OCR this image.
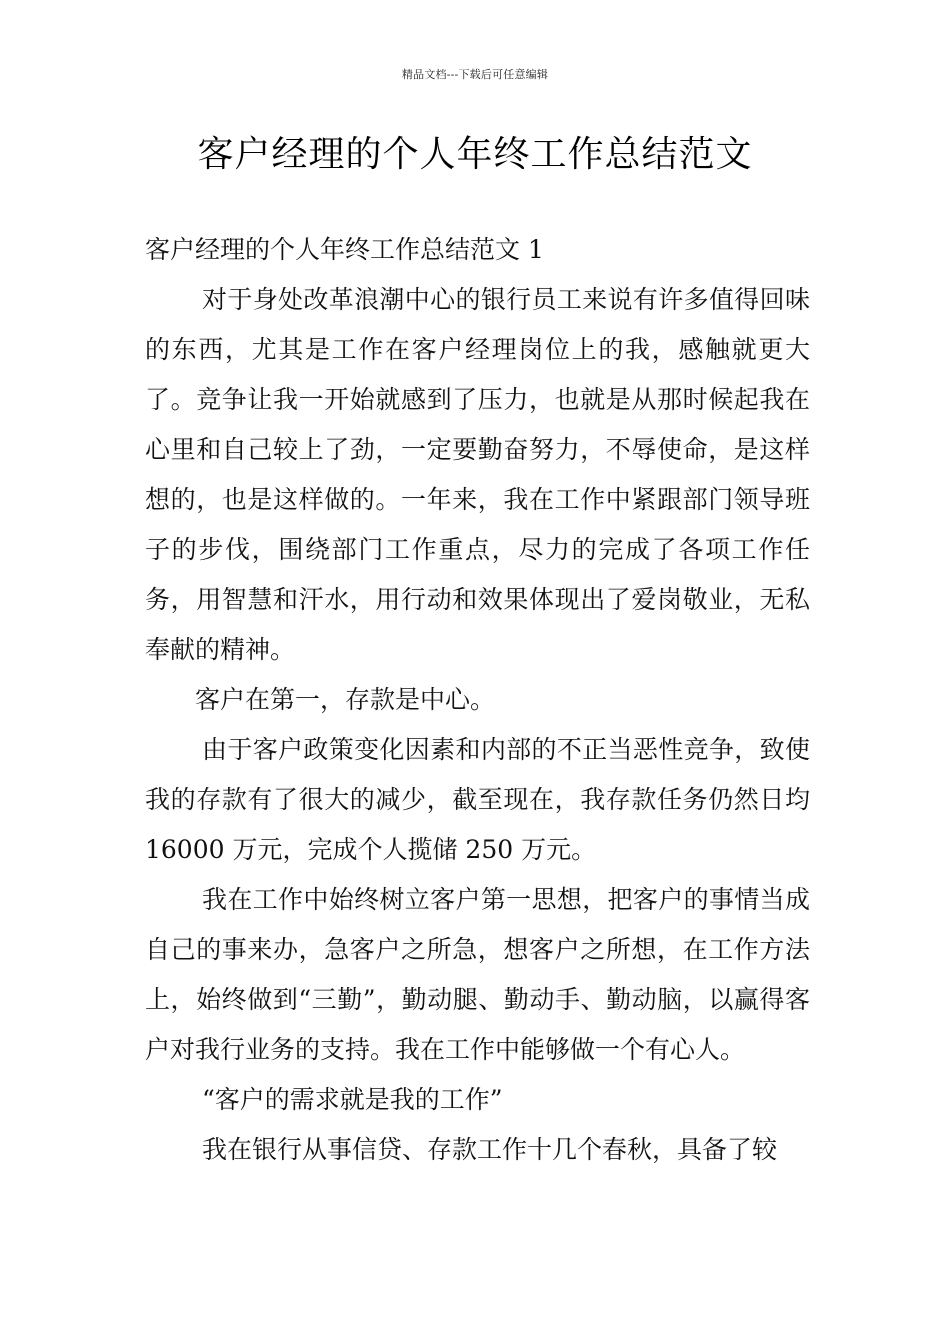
精品文档---下载后可任意编辑
客户经理的个人年终工作总结范文

客户经理的个人年终工作总结范文 1

对于身处改革浪潮中心的银行员工来说有许多值得回味的东西，尤其是工作在客户经理岗位上的我，感触就更大了。竞争让我一开始就感到了压力，也就是从那时候起我在心里和自己较上了劲，一定要勤奋努力，不辱使命，是这样想的，也是这样做的。一年来，我在工作中紧跟部门领导班子的步伐，围绕部门工作重点，尽力的完成了各项工作任务，用智慧和汗水，用行动和效果体现出了爱岗敬业，无私奉献的精神。

客户在第一，存款是中心。

由于客户政策变化因素和内部的不正当恶性竞争，致使我的存款有了很大的减少，截至现在，我存款任务仍然日均 16000 万元，完成个人揽储 250 万元。

我在工作中始终树立客户第一思想，把客户的事情当成自己的事来办，急客户之所急，想客户之所想，在工作方法上，始终做到“三勤”，勤动腿、勤动手、勤动脑，以赢得客户对我行业务的支持。我在工作中能够做一个有心人。

“客户的需求就是我的工作”

我在银行从事信贷、存款工作十几个春秋，具备了较
